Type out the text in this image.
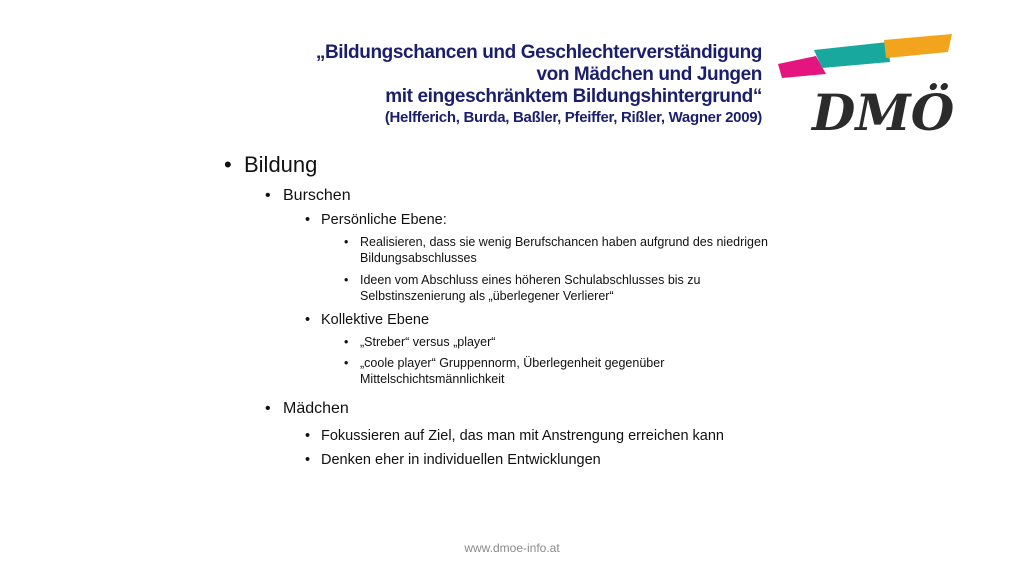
„Bildungschancen und Geschlechterverständigung
von Mädchen und Jungen
mit eingeschränktem Bildungshintergrund“
(Helfferich, Burda, Baßler, Pfeiffer, Rißler, Wagner 2009) DMÖ
• Bildung
• Burschen
• Persönliche Ebene:
• Realisieren, dass sie wenig Berufschancen haben aufgrund des niedrigen
Bildungsabschlusses
• Ideen vom Abschluss eines höheren Schulabschlusses bis zu
Selbstinszenierung als „überlegener Verlierer“
• Kollektive Ebene
• „Streber“ versus „player“
• „coole player“ Gruppennorm, Überlegenheit gegenüber
Mittelschichtsmännlichkeit
• Mädchen
• Fokussieren auf Ziel, das man mit Anstrengung erreichen kann
• Denken eher in individuellen Entwicklungen
www.dmoe-info.at
